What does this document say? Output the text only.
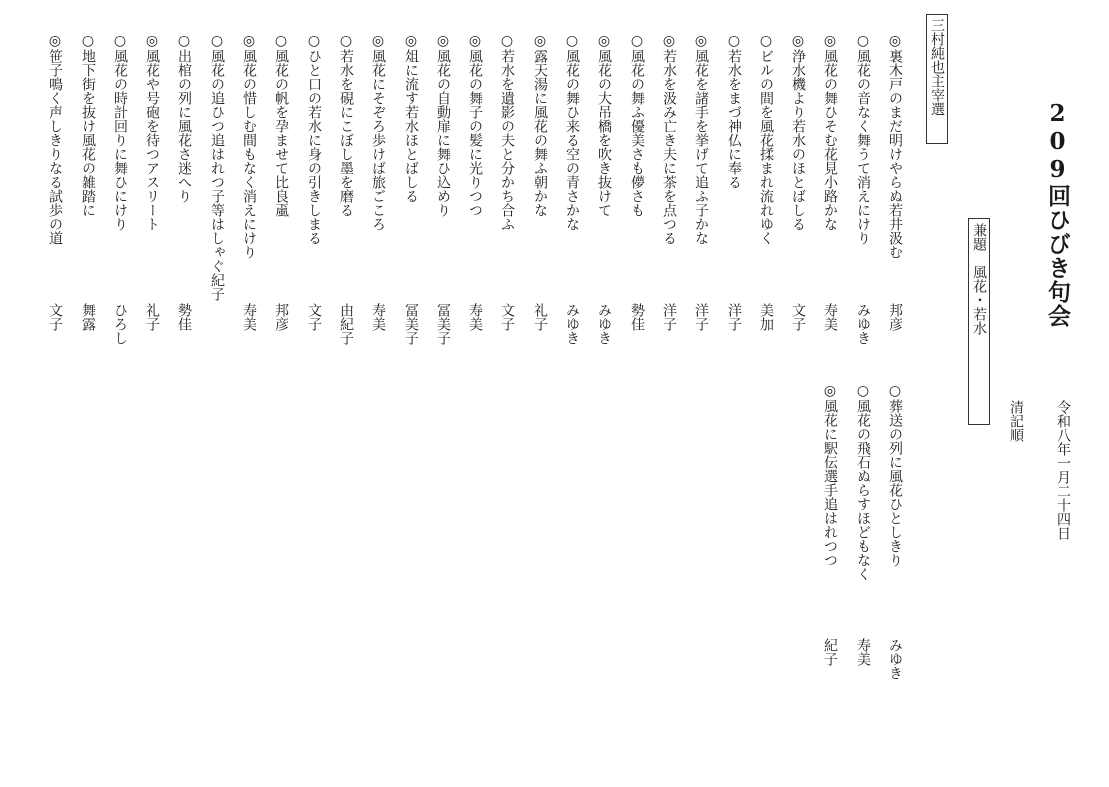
209回ひびき句会
令和八年一月二十四日
清記順
兼題　風花・若水
三村純也主宰選
◎裏木戸のまだ明けやらぬ若井汲む
邦彦
○風花の音なく舞うて消えにけり
みゆき
◎風花の舞ひそむ花見小路かな
寿美
◎浄水機より若水のほとばしる
文子
○ビルの間を風花揉まれ流れゆく
美加
○若水をまづ神仏に奉る
洋子
◎風花を諸手を挙げて追ふ子かな
洋子
◎若水を汲み亡き夫に茶を点つる
洋子
○風花の舞ふ優美さも儚さも
勢佳
◎風花の大吊橋を吹き抜けて
みゆき
○風花の舞ひ来る空の青さかな
みゆき
◎露天湯に風花の舞ふ朝かな
礼子
○若水を遺影の夫と分かち合ふ
文子
◎風花の舞子の髪に光りつつ
寿美
◎風花の自動扉に舞ひ込めり
冨美子
◎俎に流す若水ほとばしる
冨美子
◎風花にそぞろ歩けば旅ごころ
寿美
○若水を硯にこぼし墨を磨る
由紀子
○ひと口の若水に身の引きしまる
文子
○風花の帆を孕ませて比良颪
邦彦
◎風花の惜しむ間もなく消えにけり
寿美
○風花の追ひつ追はれつ子等はしゃぐ紀子
○出棺の列に風花さ迷へり
勢佳
◎風花や号砲を待つアスリート
礼子
○風花の時計回りに舞ひにけり
ひろし
○地下街を抜け風花の雑踏に
舞露
◎笹子鳴く声しきりなる試歩の道
文子
○葬送の列に風花ひとしきり
みゆき
○風花の飛石ぬらすほどもなく
寿美
◎風花に駅伝選手追はれつつ
紀子
